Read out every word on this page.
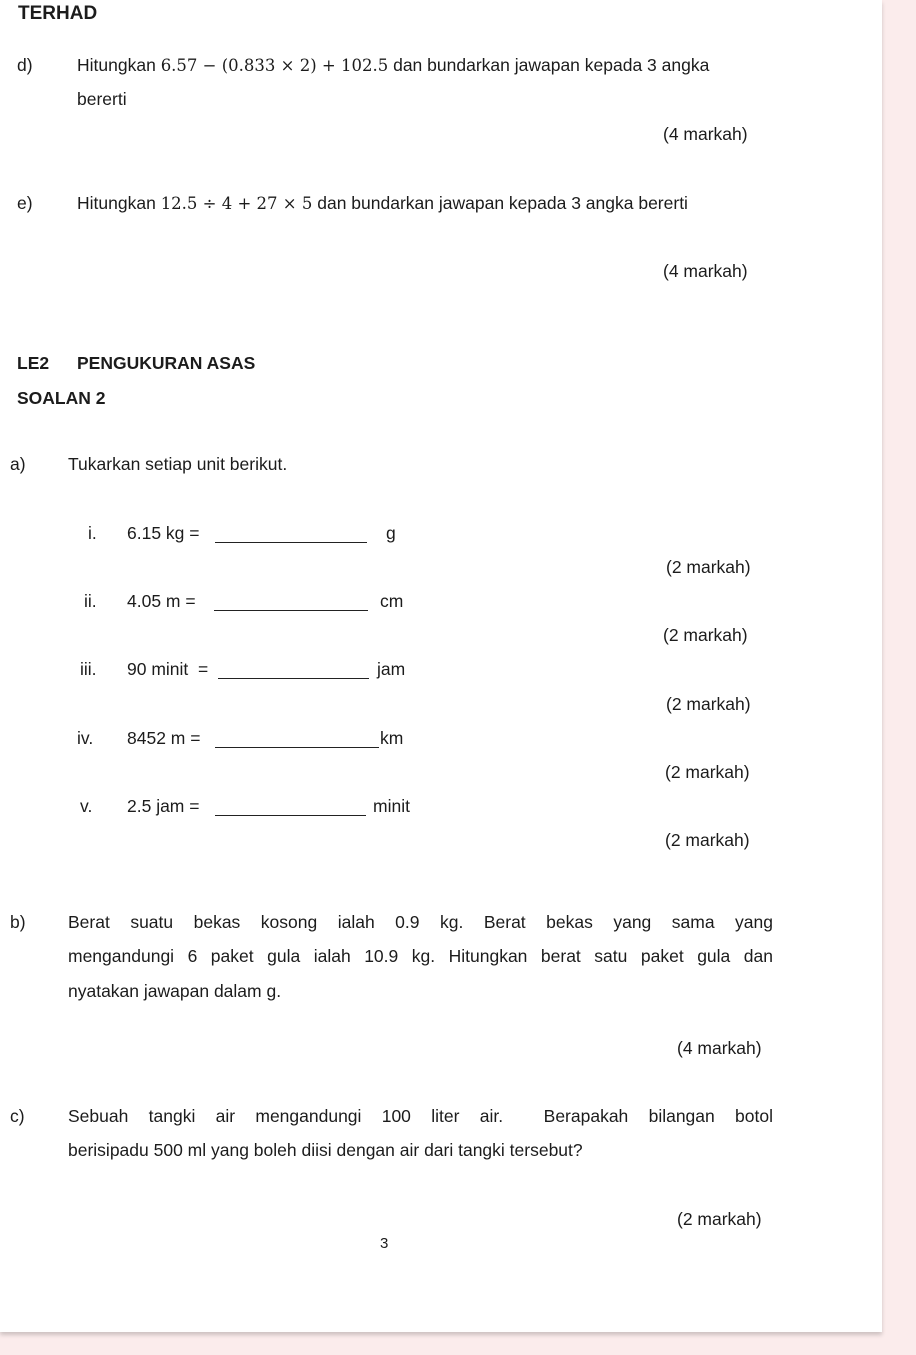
TERHAD
d)	Hitungkan 6.57 − (0.833 × 2) + 102.5 dan bundarkan jawapan kepada 3 angka
bererti
(4 markah)
e)	Hitungkan 12.5 ÷ 4 + 27 × 5 dan bundarkan jawapan kepada 3 angka bererti
(4 markah)
LE2 PENGUKURAN ASAS
SOALAN 2
a) Tukarkan setiap unit berikut.
i. 6.15 kg =	g
(2 markah)
ii. 4.05 m =	cm
(2 markah)
iii. 90 minit  =	jam
(2 markah)
iv. 8452 m =	km
(2 markah)
v. 2.5 jam =	minit
(2 markah)
b) Berat suatu bekas kosong ialah 0.9 kg. Berat bekas yang sama yang
mengandungi 6 paket gula ialah 10.9 kg. Hitungkan berat satu paket gula dan
nyatakan jawapan dalam g.
(4 markah)
c) Sebuah tangki air mengandungi 100 liter air.  Berapakah bilangan botol
berisipadu 500 ml yang boleh diisi dengan air dari tangki tersebut?
(2 markah)
3
